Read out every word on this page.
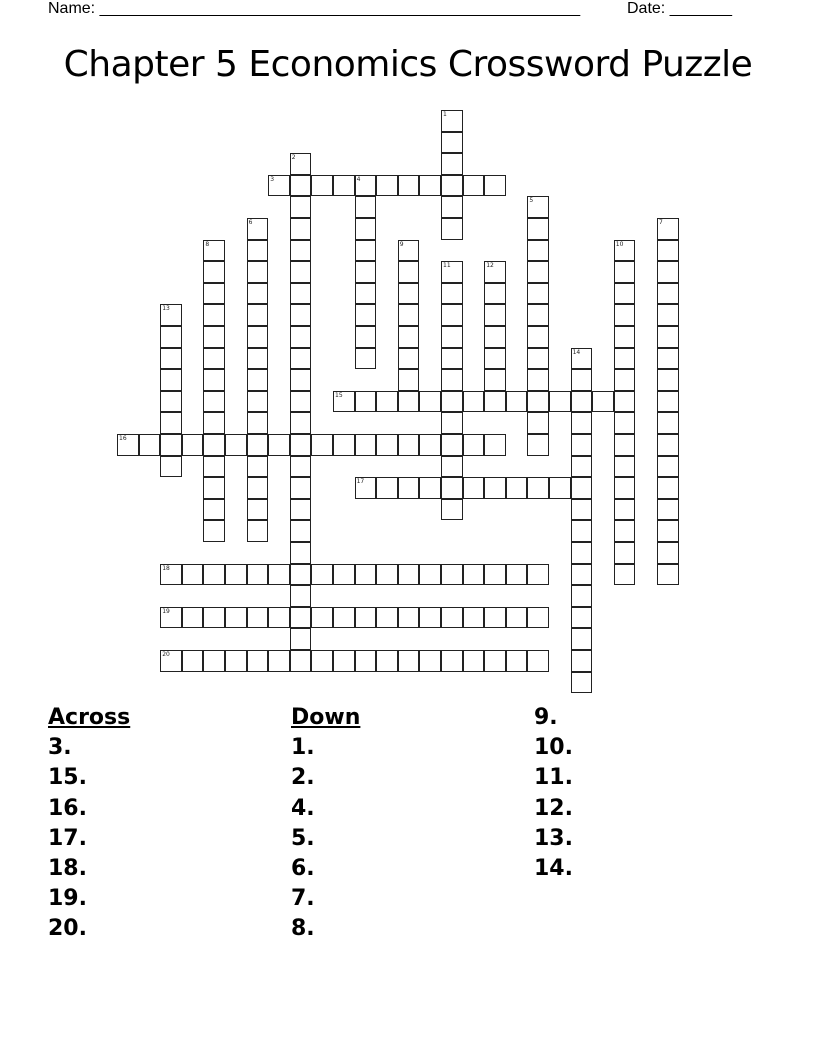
Name: ______________________________________________________	Date: _______
Chapter 5 Economics Crossword Puzzle
1
2
3	4
5
6	7
8	9	10
11	12
13
14
15
16
17
18
19
20
Across
3.
15.
16.
17.
18.
19.
20.
Down
1.
2.
4.
5.
6.
7.
8.
9.
10.
11.
12.
13.
14.
